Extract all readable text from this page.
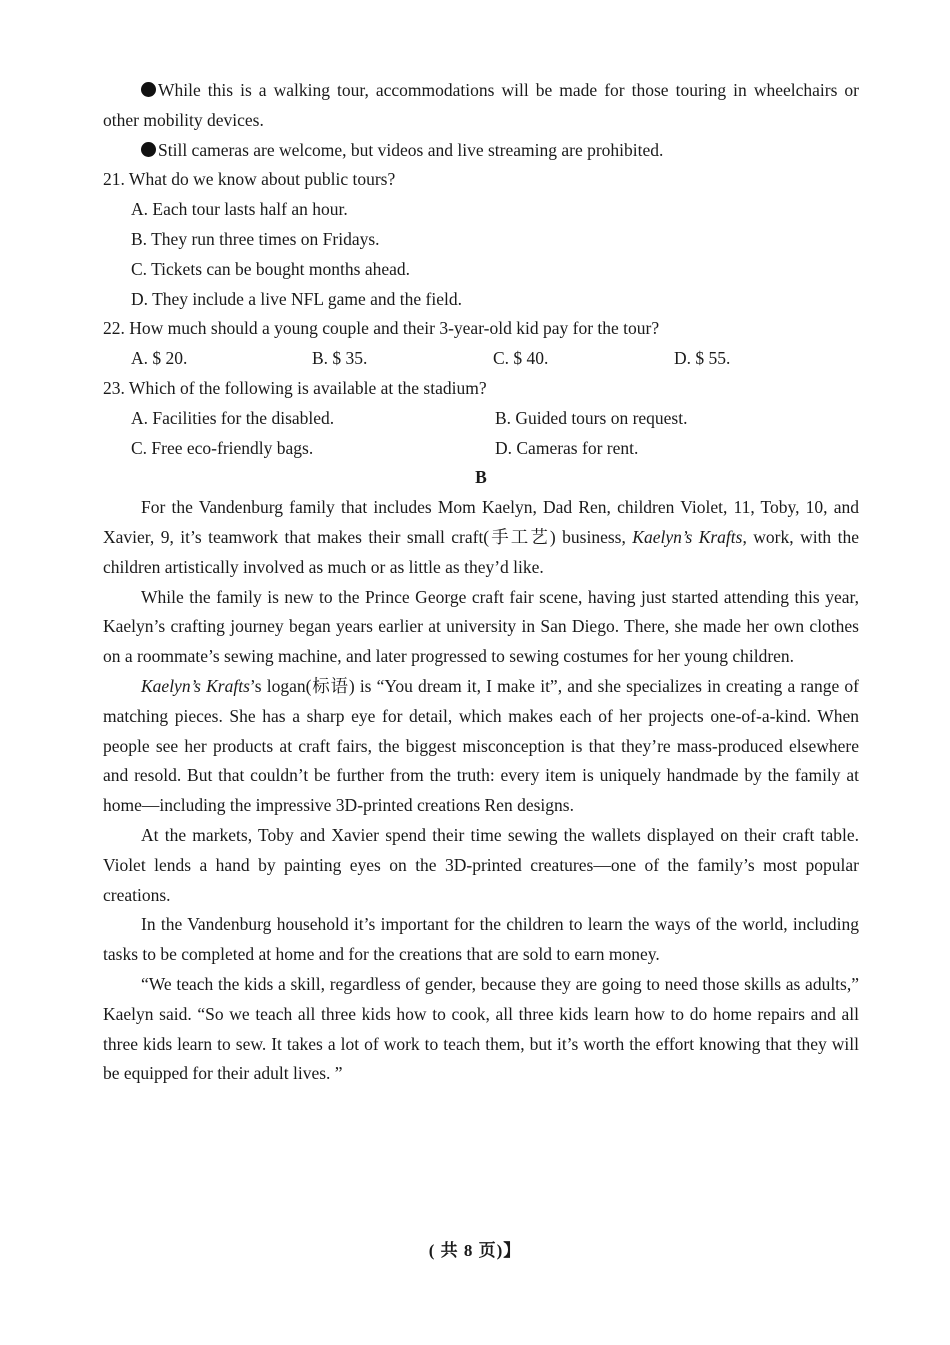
While this is a walking tour, accommodations will be made for those touring in wheelchairs or other mobility devices.
Still cameras are welcome, but videos and live streaming are prohibited.
21. What do we know about public tours?
A. Each tour lasts half an hour.
B. They run three times on Fridays.
C. Tickets can be bought months ahead.
D. They include a live NFL game and the field.
22. How much should a young couple and their 3-year-old kid pay for the tour?
A. $ 20.	B. $ 35.	C. $ 40.	D. $ 55.
23. Which of the following is available at the stadium?
A. Facilities for the disabled.	B. Guided tours on request.
C. Free eco-friendly bags.	D. Cameras for rent.
B
For the Vandenburg family that includes Mom Kaelyn, Dad Ren, children Violet, 11, Toby, 10, and Xavier, 9, it’s teamwork that makes their small craft(手工艺) business, Kaelyn’s Krafts, work, with the children artistically involved as much or as little as they’d like.
While the family is new to the Prince George craft fair scene, having just started attending this year, Kaelyn’s crafting journey began years earlier at university in San Diego. There, she made her own clothes on a roommate’s sewing machine, and later progressed to sewing costumes for her young children.
Kaelyn’s Krafts’s logan(标语) is “You dream it, I make it”, and she specializes in creating a range of matching pieces. She has a sharp eye for detail, which makes each of her projects one-of-a-kind. When people see her products at craft fairs, the biggest misconception is that they’re mass-produced elsewhere and resold. But that couldn’t be further from the truth: every item is uniquely handmade by the family at home—including the impressive 3D-printed creations Ren designs.
At the markets, Toby and Xavier spend their time sewing the wallets displayed on their craft table. Violet lends a hand by painting eyes on the 3D-printed creatures—one of the family’s most popular creations.
In the Vandenburg household it’s important for the children to learn the ways of the world, including tasks to be completed at home and for the creations that are sold to earn money.
“We teach the kids a skill, regardless of gender, because they are going to need those skills as adults,” Kaelyn said. “So we teach all three kids how to cook, all three kids learn how to do home repairs and all three kids learn to sew. It takes a lot of work to teach them, but it’s worth the effort knowing that they will be equipped for their adult lives. ”
( 共 8 页)】
